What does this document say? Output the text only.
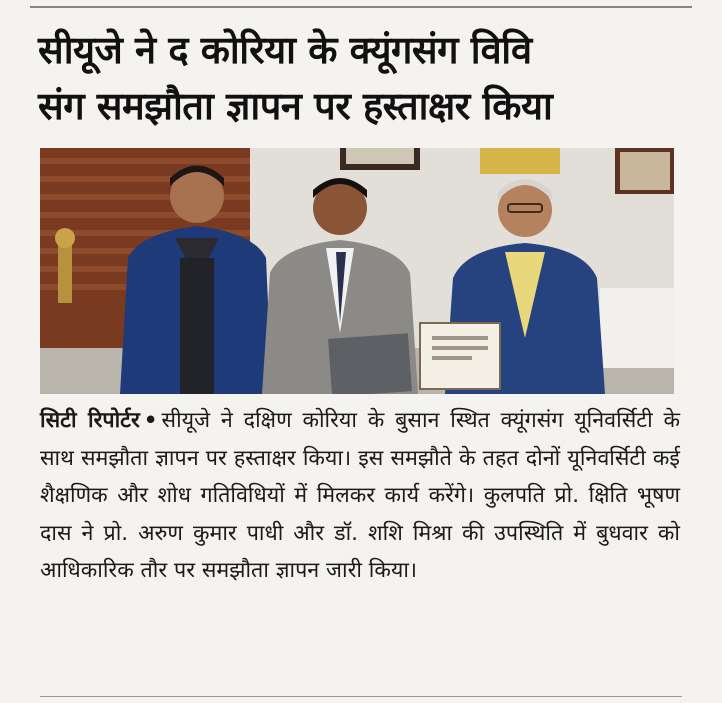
सीयूजे ने द कोरिया के क्यूंगसंग विवि
संग समझौता ज्ञापन पर हस्ताक्षर किया

सिटी रिपोर्टर • सीयूजे ने दक्षिण कोरिया के बुसान स्थित क्यूंगसंग यूनिवर्सिटी के साथ समझौता ज्ञापन पर हस्ताक्षर किया। इस समझौते के तहत दोनों यूनिवर्सिटी कई शैक्षणिक और शोध गतिविधियों में मिलकर कार्य करेंगे। कुलपति प्रो. क्षिति भूषण दास ने प्रो. अरुण कुमार पाधी और डॉ. शशि मिश्रा की उपस्थिति में बुधवार को आधिकारिक तौर पर समझौता ज्ञापन जारी किया।
